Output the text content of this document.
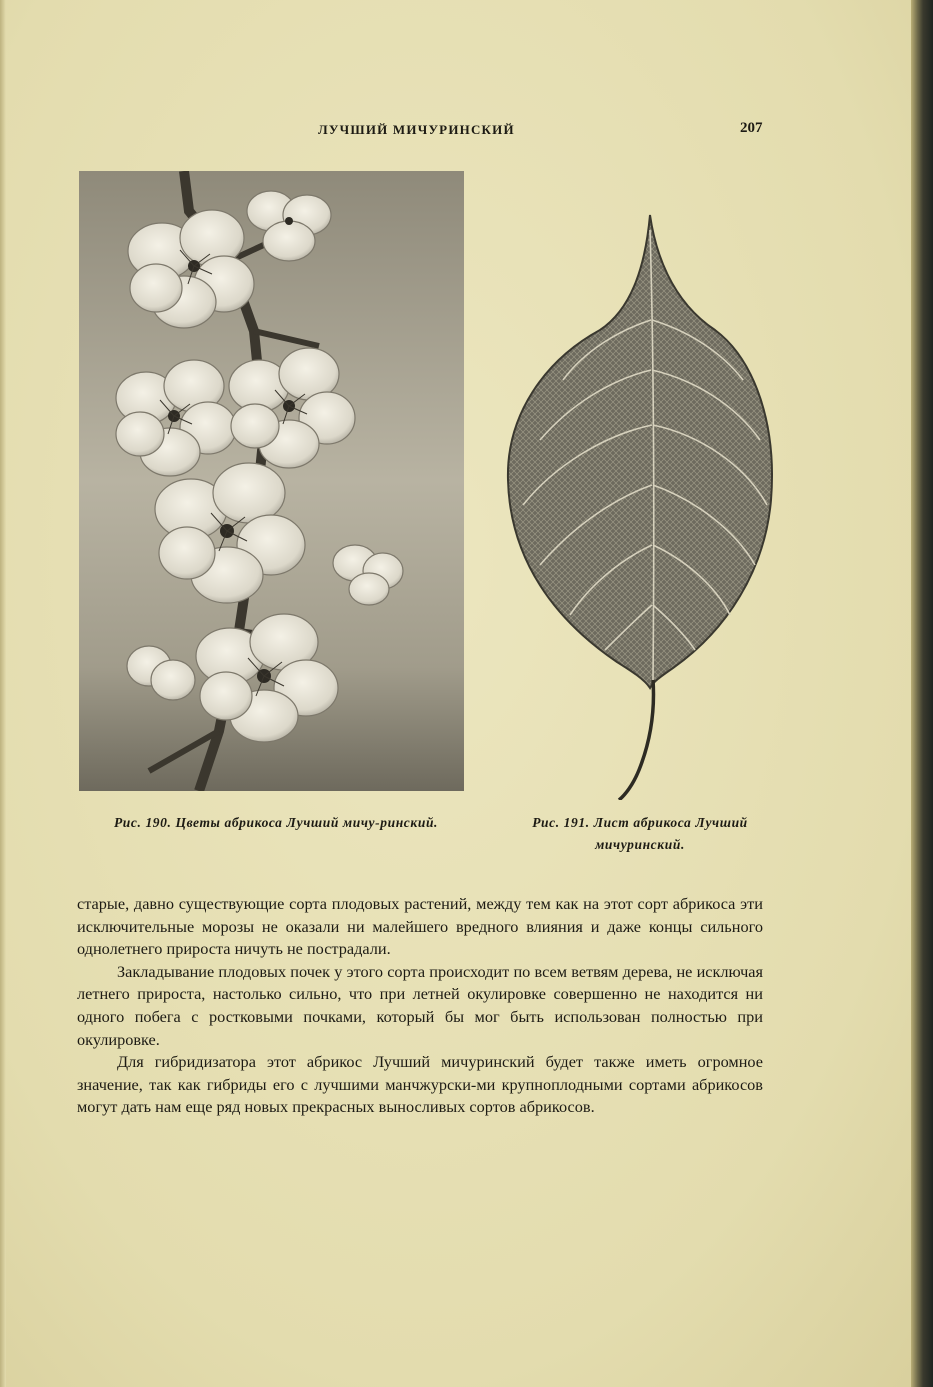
ЛУЧШИЙ МИЧУРИНСКИЙ	207
Рис. 190. Цветы абрикоса Лучший мичу-ринский.	Рис. 191. Лист абрикоса Лучший мичуринский.

старые, давно существующие сорта плодовых растений, между тем как на этот сорт абрикоса эти исключительные морозы не оказали ни малейшего вредного влияния и даже концы сильного однолетнего прироста ничуть не пострадали.

Закладывание плодовых почек у этого сорта происходит по всем ветвям дерева, не исключая летнего прироста, настолько сильно, что при летней окулировке совершенно не находится ни одного побега с ростковыми почками, который бы мог быть использован полностью при окулировке.

Для гибридизатора этот абрикос Лучший мичуринский будет также иметь огромное значение, так как гибриды его с лучшими манчжурски-ми крупноплодными сортами абрикосов могут дать нам еще ряд новых прекрасных выносливых сортов абрикосов.
